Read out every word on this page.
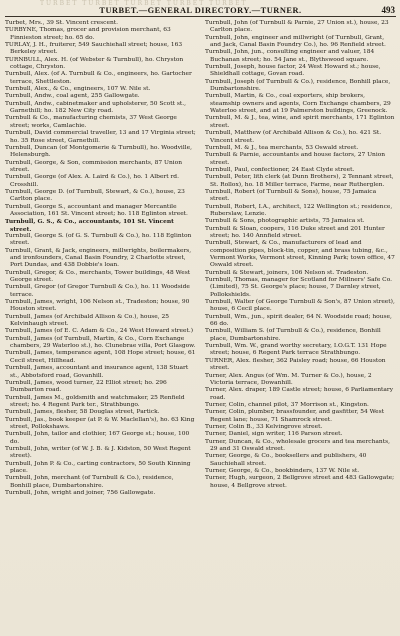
TURBET TURBET TURBET TURBET TURBET
TURBET.—GENERAL DIRECTORY.—TURNER.	493

Turbet, Mrs., 39 St. Vincent crescent.

TURBYNE, Thomas, grocer and provision merchant, 63 Finnieston street; ho. 65 do.

TURLAY, J. H., fruiterer, 549 Sauchiehall street; house, 163 Berkeley street.

TURNBULL, Alex. H. (of Webster & Turnbull), ho. Chryston cottage, Chryston.

Turnbull, Alex. (of A. Turnbull & Co., engineers, ho. Gartocher terrace, Shettleston.

Turnbull, Alex., & Co., engineers, 107 W. Nile st.

Turnbull, Andw., coal agent, 255 Gallowgate.

Turnbull, Andw., cabinetmaker and upholsterer, 50 Scott st., Garnethill; ho. 182 New City road.

Turnbull & Co., manufacturing chemists, 37 West George street; works, Camlachie.

Turnbull, David commercial traveller, 13 and 17 Virginia street; ho. 35 Rose street, Garnethill.

Turnbull, Duncan (of Montgomerie & Turnbull), ho. Woodville, Helensburgh.

Turnbull, George, & Son, commission merchants, 87 Union street.

Turnbull, George (of Alex. A. Laird & Co.), ho. 1 Albert rd. Crosshill.

Turnbull, George D. (of Turnbull, Stewart, & Co.), house, 23 Carlton place.

Turnbull, George S., accountant and manager Mercantile Association, 161 St. Vincent street; ho. 118 Eglinton street.

Turnbull, G. S., & Co., accountants, 101 St. Vincent street.

Turnbull, George S. (of G. S. Turnbull & Co.), ho. 118 Eglinton street.

Turnbull, Grant, & Jack, engineers, millwrights, boilermakers, and ironfounders, Canal Basin Foundry, 2 Charlotte street, Port Dundas, and 438 Dobbie's loan.

Turnbull, Gregor, & Co., merchants, Tower buildings, 48 West George street.

Turnbull, Gregor (of Gregor Turnbull & Co.), ho. 11 Woodside terrace.

Turnbull, James, wright, 106 Nelson st., Tradeston; house, 90 Houston street.

Turnbull, James (of Archibald Allison & Co.), house, 25 Kelvinhaugh street.

Turnbull, James (of E. C. Adam & Co., 24 West Howard street.)

Turnbull, James (of Turnbull, Martin, & Co., Corn Exchange chambers, 29 Waterloo st.), ho. Clunebrae villa, Port Glasgow.

Turnbull, James, temperance agent, 108 Hope street; house, 61 Cecil street, Hillhead.

Turnbull, James, accountant and insurance agent, 138 Stuart st., Abbotsford road, Govanhill.

Turnbull, James, wood turner, 22 Elliot street; ho. 296 Dumbarton road.

Turnbull, James M., goldsmith and watchmaker, 25 Renfield street; ho. 4 Regent Park ter., Strathbungo.

Turnbull, James, flesher, 58 Douglas street, Partick.

Turnbull, Jas., book keeper (at P. & W. Maclellan's), ho. 63 King street, Pollokshaws.

Turnbull, John, tailor and clothier, 167 George st.; house, 100 do.

Turnbull, John, writer (of W. J. B. & J. Kidston, 50 West Regent street).

Turnbull, John P. & Co., carting contractors, 50 South Kinning place.

Turnbull, John, merchant (of Turnbull & Co.), residence, Bonhill place, Dumbartonshire.

Turnbull, John, wright and joiner, 756 Gallowgate.

Turnbull, John (of Turnbull & Parnie, 27 Union st.), house, 23 Carlton place.

Turnbull, John, engineer and millwright (of Turnbull, Grant, and Jack, Canal Basin Foundry Co.), ho. 96 Renfield street.

Turnbull, John, jun., consulting engineer and valuer, 184 Buchanan street; ho. 54 Jane st., Blythswood square.

Turnbull, Joseph, house factor, 24 West Howard st.; house, Shieldhall cottage, Govan road.

Turnbull, Joseph (of Turnbull & Co.), residence, Bonhill place, Dumbartonshire.

Turnbull, Martin, & Co., coal exporters, ship brokers, steamship owners and agents, Corn Exchange chambers, 29 Waterloo street, and at 19 Palmerston buildings, Greenock.

Turnbull, M. & J., tea, wine, and spirit merchants, 171 Eglinton street.

Turnbull, Matthew (of Archibald Allison & Co.), ho. 421 St. Vincent street.

Turnbull, M. & J., tea merchants, 53 Oswald street.

Turnbull & Parnie, accountants and house factors, 27 Union street.

Turnbull, Paul, confectioner, 24 East Clyde street.

Turnbull, Peter, lith clerk (at Dunn Brothers), 2 Tennant street, St. Rollox), ho. 18 Miller terrace, Farme, near Rutherglen.

Turnbull, Robert (of Turnbull & Sons), house, 75 Jamaica street.

Turnbull, Robert, I.A., architect, 122 Wellington st.; residence, Ruberslaw, Lenzie.

Turnbull & Sons, photographic artists, 75 Jamaica st.

Turnbull & Sloan, coopers, 116 Duke street and 201 Hunter street; ho. 140 Annfield street.

Turnbull, Stewart, & Co., manufacturers of lead and composition pipes, block-tin, copper, and brass tubing, &c., Vermont Works, Vermont street, Kinning Park; town office, 47 Oswald street.

Turnbull & Stewart, joiners, 106 Nelson st. Tradeston.

Turnbull, Thomas, manager for Scotland for Millners' Safe Co. (Limited), 75 St. George's place; house, 7 Darnley street, Pollokshields.

Turnbull, Walter (of George Turnbull & Son's, 87 Union street), house, 6 Cecil place.

Turnbull, Wm., jun., spirit dealer, 64 N. Woodside road; house, 66 do.

Turnbull, William S. (of Turnbull & Co.), residence, Bonhill place, Dumbartonshire.

Turnbull, Wm. W., grand worthy secretary, I.O.G.T. 131 Hope street; house, 6 Regent Park terrace Strathbungo.

TURNER, Alex. flesher, 362 Paisley road; house, 66 Houston street.

Turner, Alex. Angus (of Wm. M. Turner & Co.), house, 2 Victoria terrace, Dowanhill.

Turner, Alex. draper, 189 Castle street; house, 6 Parliamentary road.

Turner, Colin, channel pilot, 37 Morrison st., Kingston.

Turner, Colin, plumber, brassfounder, and gasfitter, 54 West Regent lane; house, 71 Shamrock street.

Turner, Colin B., 33 Kelvingrove street.

Turner, Daniel, sign writer, 116 Parson street.

Turner, Duncan, & Co., wholesale grocers and tea merchants, 29 and 31 Oswald street.

Turner, George, & Co., booksellers and publishers, 40 Sauchiehall street.

Turner, George, & Co., bookbinders, 137 W. Nile st.

Turner, Hugh, surgeon, 2 Bellgrove street and 483 Gallowgate; house, 4 Bellgrove street.
